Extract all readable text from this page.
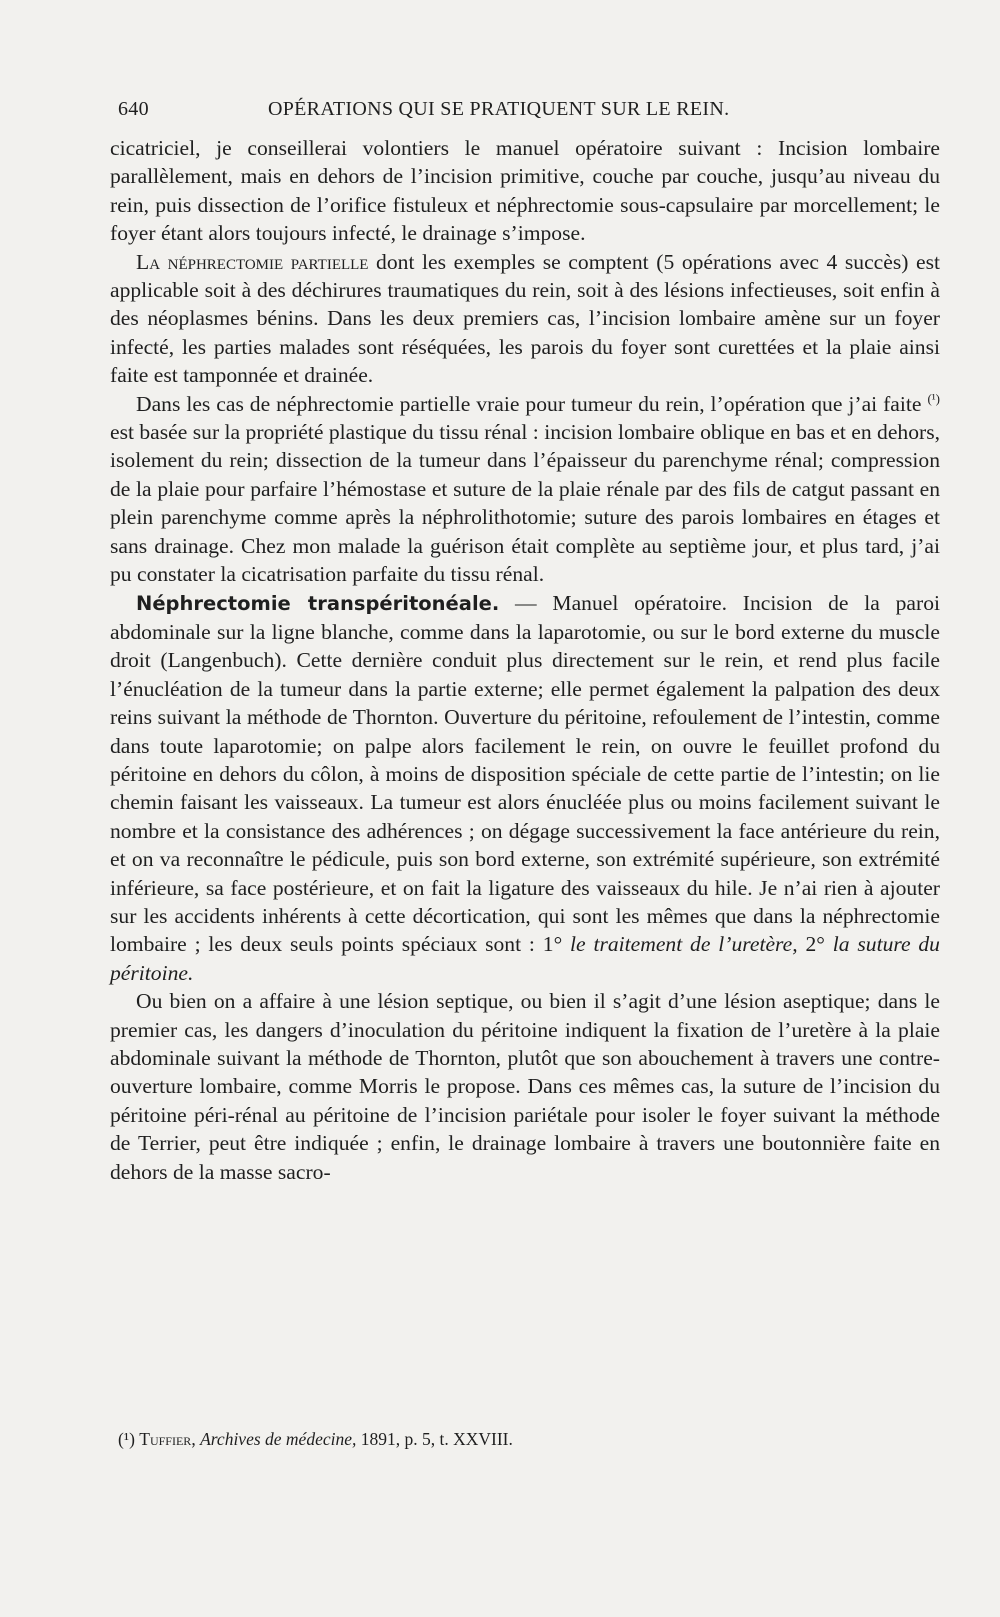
640	OPÉRATIONS QUI SE PRATIQUENT SUR LE REIN.

cicatriciel, je conseillerai volontiers le manuel opératoire suivant : Incision lombaire parallèlement, mais en dehors de l’incision primitive, couche par couche, jusqu’au niveau du rein, puis dissection de l’orifice fistuleux et néphrectomie sous-capsulaire par morcellement; le foyer étant alors toujours infecté, le drainage s’impose.

La néphrectomie partielle dont les exemples se comptent (5 opérations avec 4 succès) est applicable soit à des déchirures traumatiques du rein, soit à des lésions infectieuses, soit enfin à des néoplasmes bénins. Dans les deux premiers cas, l’incision lombaire amène sur un foyer infecté, les parties malades sont réséquées, les parois du foyer sont curettées et la plaie ainsi faite est tamponnée et drainée.

Dans les cas de néphrectomie partielle vraie pour tumeur du rein, l’opération que j’ai faite $^{(^1)}$ est basée sur la propriété plastique du tissu rénal : incision lombaire oblique en bas et en dehors, isolement du rein; dissection de la tumeur dans l’épaisseur du parenchyme rénal; compression de la plaie pour parfaire l’hémostase et suture de la plaie rénale par des fils de catgut passant en plein parenchyme comme après la néphrolithotomie; suture des parois lombaires en étages et sans drainage. Chez mon malade la guérison était complète au septième jour, et plus tard, j’ai pu constater la cicatrisation parfaite du tissu rénal.

Néphrectomie transpéritonéale. — Manuel opératoire. Incision de la paroi abdominale sur la ligne blanche, comme dans la laparotomie, ou sur le bord externe du muscle droit (Langenbuch). Cette dernière conduit plus directement sur le rein, et rend plus facile l’énucléation de la tumeur dans la partie externe; elle permet également la palpation des deux reins suivant la méthode de Thornton. Ouverture du péritoine, refoulement de l’intestin, comme dans toute laparotomie; on palpe alors facilement le rein, on ouvre le feuillet profond du péritoine en dehors du côlon, à moins de disposition spéciale de cette partie de l’intestin; on lie chemin faisant les vaisseaux. La tumeur est alors énucléée plus ou moins facilement suivant le nombre et la consistance des adhérences ; on dégage successivement la face antérieure du rein, et on va reconnaître le pédicule, puis son bord externe, son extrémité supérieure, son extrémité inférieure, sa face postérieure, et on fait la ligature des vaisseaux du hile. Je n’ai rien à ajouter sur les accidents inhérents à cette décortication, qui sont les mêmes que dans la néphrectomie lombaire ; les deux seuls points spéciaux sont : 1° le traitement de l’uretère, 2° la suture du péritoine.

Ou bien on a affaire à une lésion septique, ou bien il s’agit d’une lésion aseptique; dans le premier cas, les dangers d’inoculation du péritoine indiquent la fixation de l’uretère à la plaie abdominale suivant la méthode de Thornton, plutôt que son abouchement à travers une contre-ouverture lombaire, comme Morris le propose. Dans ces mêmes cas, la suture de l’incision du péritoine péri-rénal au péritoine de l’incision pariétale pour isoler le foyer suivant la méthode de Terrier, peut être indiquée ; enfin, le drainage lombaire à travers une boutonnière faite en dehors de la masse sacro-

(¹) Tuffier, Archives de médecine, 1891, p. 5, t. XXVIII.
